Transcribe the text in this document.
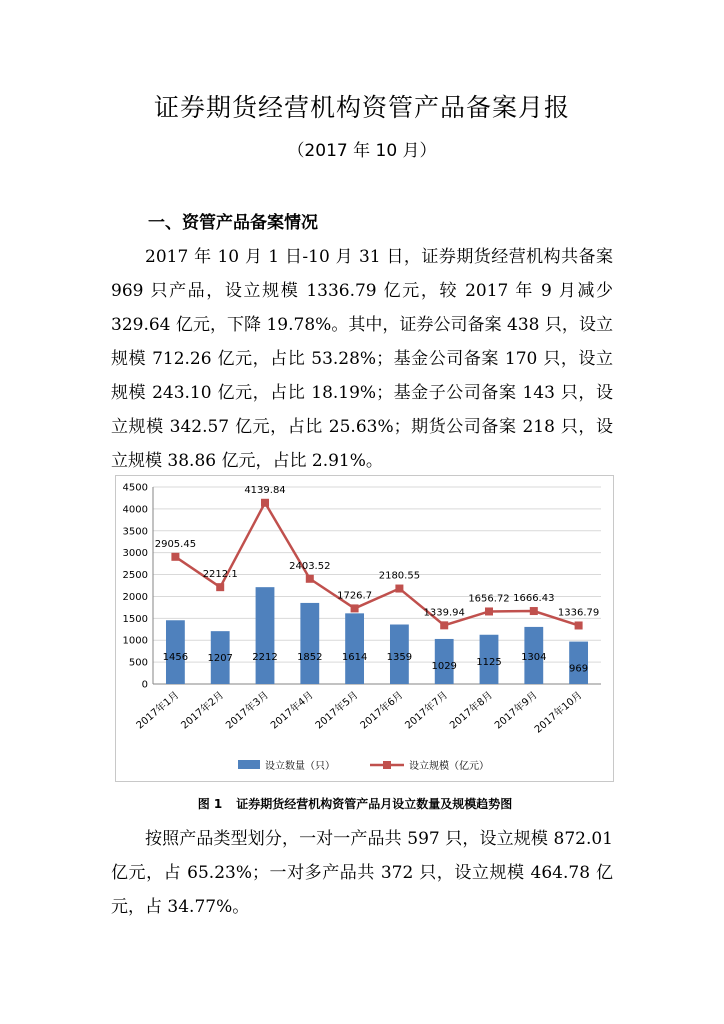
证券期货经营机构资管产品备案月报
（2017 年 10 月）
一、资管产品备案情况

2017 年 10 月 1 日-10 月 31 日，证券期货经营机构共备案 969 只产品，设立规模 1336.79 亿元，较 2017 年 9 月减少 329.64 亿元，下降 19.78%。其中，证券公司备案 438 只，设立规模 712.26 亿元，占比 53.28%；基金公司备案 170 只，设立规模 243.10 亿元，占比 18.19%；基金子公司备案 143 只，设立规模 342.57 亿元，占比 25.63%；期货公司备案 218 只，设立规模 38.86 亿元，占比 2.91%。

0
500
1000
1500
2000
2500
3000
3500
4000
4500
1456 1207 2212 1852 1614 1359
1029 1125 1304
969
2905.45
2212.1
4139.84
2403.52
1726.7
2180.55
1339.94
1656.72 1666.43
1336.79
2017年1月
2017年2月
2017年3月
2017年4月
2017年5月
2017年6月
2017年7月
2017年8月
2017年9月
2017年10月
设立数量（只）	设立规模（亿元）
图 1 证券期货经营机构资管产品月设立数量及规模趋势图

按照产品类型划分，一对一产品共 597 只，设立规模 872.01 亿元，占 65.23%；一对多产品共 372 只，设立规模 464.78 亿元，占 34.77%。
